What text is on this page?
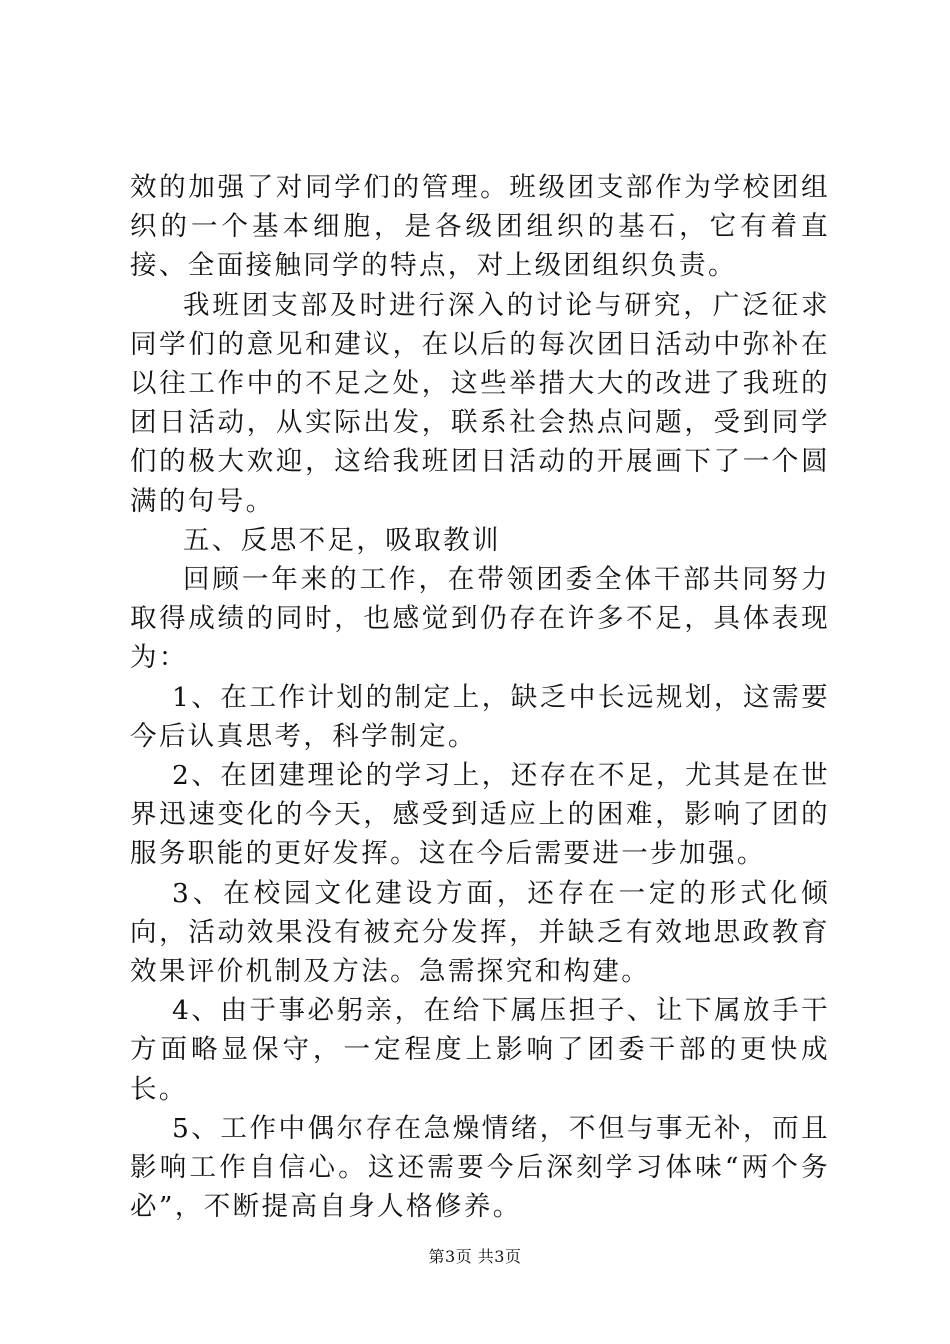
效的加强了对同学们的管理。班级团支部作为学校团组织的一个基本细胞，是各级团组织的基石，它有着直接、全面接触同学的特点，对上级团组织负责。

我班团支部及时进行深入的讨论与研究，广泛征求同学们的意见和建议，在以后的每次团日活动中弥补在以往工作中的不足之处，这些举措大大的改进了我班的团日活动，从实际出发，联系社会热点问题，受到同学们的极大欢迎，这给我班团日活动的开展画下了一个圆满的句号。

五、反思不足，吸取教训

回顾一年来的工作，在带领团委全体干部共同努力取得成绩的同时，也感觉到仍存在许多不足，具体表现为：

1、在工作计划的制定上，缺乏中长远规划，这需要今后认真思考，科学制定。

2、在团建理论的学习上，还存在不足，尤其是在世界迅速变化的今天，感受到适应上的困难，影响了团的服务职能的更好发挥。这在今后需要进一步加强。

3、在校园文化建设方面，还存在一定的形式化倾向，活动效果没有被充分发挥，并缺乏有效地思政教育效果评价机制及方法。急需探究和构建。

4、由于事必躬亲，在给下属压担子、让下属放手干方面略显保守，一定程度上影响了团委干部的更快成长。

5、工作中偶尔存在急燥情绪，不但与事无补，而且影响工作自信心。这还需要今后深刻学习体味“两个务必”，不断提高自身人格修养。

第3页 共3页
